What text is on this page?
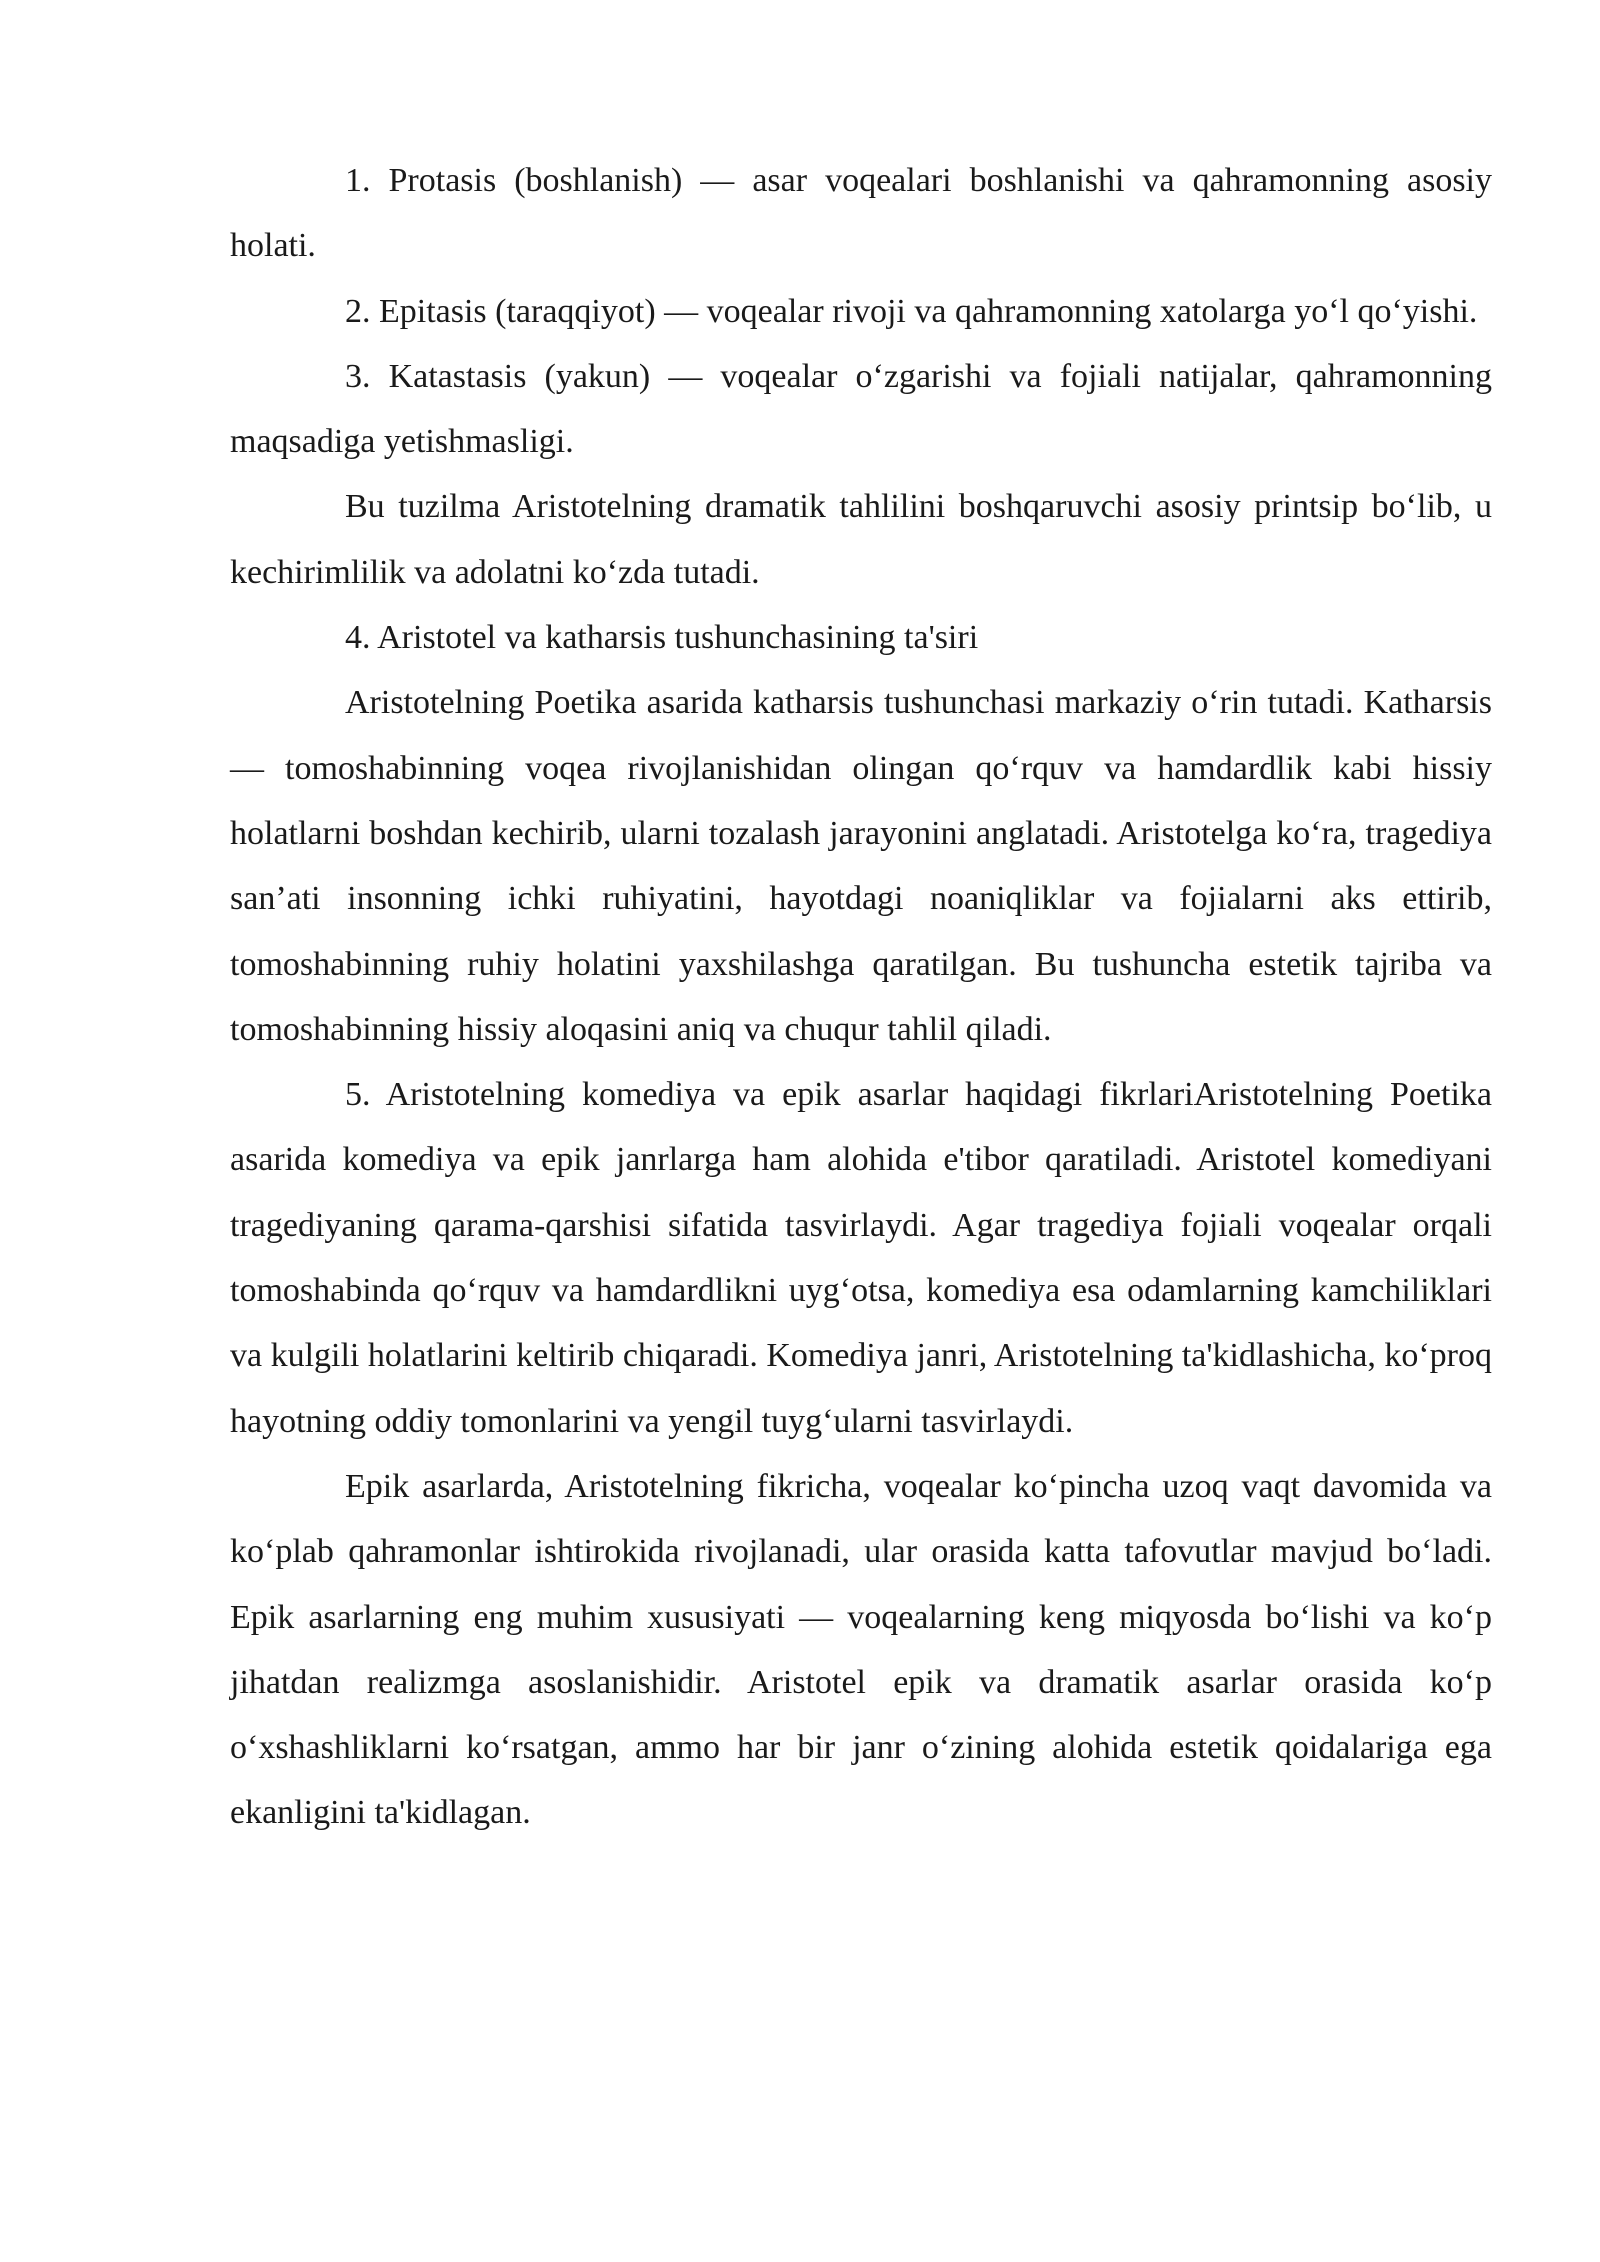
1. Protasis (boshlanish) — asar voqealari boshlanishi va qahramonning asosiy holati.

2. Epitasis (taraqqiyot) — voqealar rivoji va qahramonning xatolarga yo‘l qo‘yishi.

3. Katastasis (yakun) — voqealar o‘zgarishi va fojiali natijalar, qahramonning maqsadiga yetishmasligi.

Bu tuzilma Aristotelning dramatik tahlilini boshqaruvchi asosiy printsip bo‘lib, u kechirimlilik va adolatni ko‘zda tutadi.

4. Aristotel va katharsis tushunchasining ta'siri

Aristotelning Poetika asarida katharsis tushunchasi markaziy o‘rin tutadi. Katharsis — tomoshabinning voqea rivojlanishidan olingan qo‘rquv va hamdardlik kabi hissiy holatlarni boshdan kechirib, ularni tozalash jarayonini anglatadi. Aristotelga ko‘ra, tragediya san’ati insonning ichki ruhiyatini, hayotdagi noaniqliklar va fojialarni aks ettirib, tomoshabinning ruhiy holatini yaxshilashga qaratilgan. Bu tushuncha estetik tajriba va tomoshabinning hissiy aloqasini aniq va chuqur tahlil qiladi.

5. Aristotelning komediya va epik asarlar haqidagi fikrlariAristotelning Poetika asarida komediya va epik janrlarga ham alohida e'tibor qaratiladi. Aristotel komediyani tragediyaning qarama-qarshisi sifatida tasvirlaydi. Agar tragediya fojiali voqealar orqali tomoshabinda qo‘rquv va hamdardlikni uyg‘otsa, komediya esa odamlarning kamchiliklari va kulgili holatlarini keltirib chiqaradi. Komediya janri, Aristotelning ta'kidlashicha, ko‘proq hayotning oddiy tomonlarini va yengil tuyg‘ularni tasvirlaydi.

Epik asarlarda, Aristotelning fikricha, voqealar ko‘pincha uzoq vaqt davomida va ko‘plab qahramonlar ishtirokida rivojlanadi, ular orasida katta tafovutlar mavjud bo‘ladi. Epik asarlarning eng muhim xususiyati — voqealarning keng miqyosda bo‘lishi va ko‘p jihatdan realizmga asoslanishidir. Aristotel epik va dramatik asarlar orasida ko‘p o‘xshashliklarni ko‘rsatgan, ammo har bir janr o‘zining alohida estetik qoidalariga ega ekanligini ta'kidlagan.
